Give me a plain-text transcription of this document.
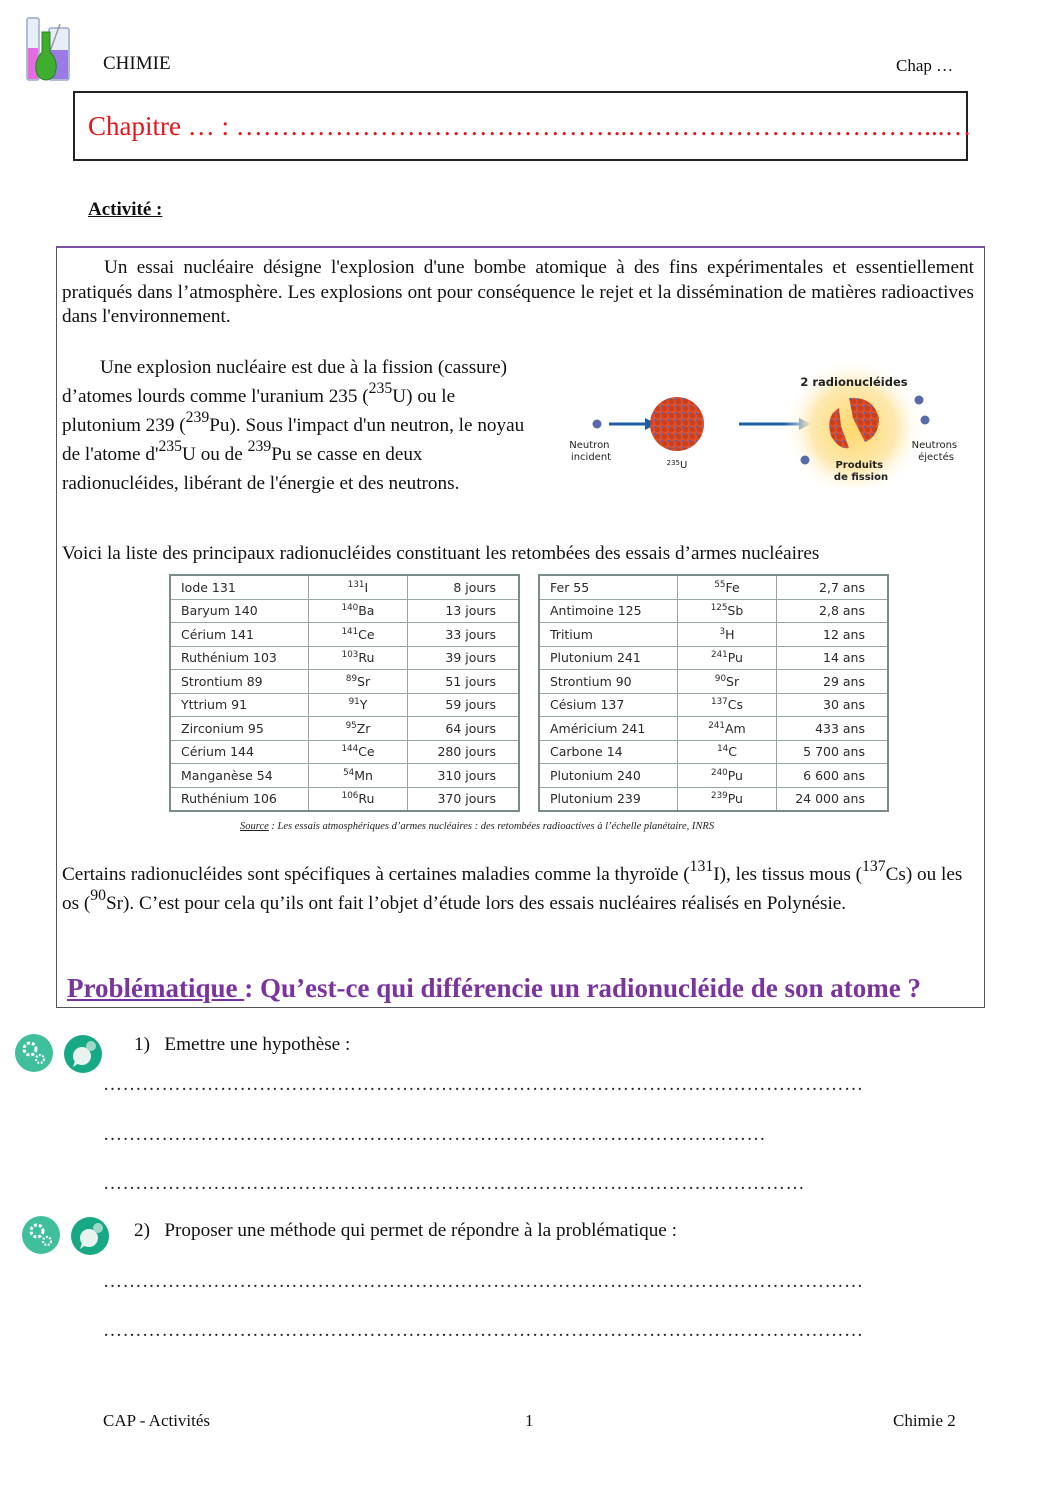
CHIMIE	Chap …
Chapitre … : ……………………………………..……………………………...…
Activité :
Un essai nucléaire désigne l'explosion d'une bombe atomique à des fins expérimentales et essentiellement pratiqués dans l’atmosphère. Les explosions ont pour conséquence le rejet et la dissémination de matières radioactives dans l'environnement.
Une explosion nucléaire est due à la fission (cassure) d’atomes lourds comme l'uranium 235 ($^{235}$U) ou le plutonium 239 ($^{239}$Pu). Sous l'impact d'un neutron, le noyau de l'atome $d'^{235}U$ ou de $^{239}$Pu se casse en deux radionucléides, libérant de l'énergie et des neutrons.
$^{235}$U
2 radionucléides
Neutron incident
Produits de fission
Neutrons éjectés
Voici la liste des principaux radionucléides constituant les retombées des essais d’armes nucléaires
Iode 131	$^{131}$I	8 jours
Baryum 140	$^{140}$Ba	13 jours
Cérium 141	$^{141}$Ce	33 jours
Ruthénium 103	$^{103}$Ru	39 jours
Strontium 89	$^{89}$Sr	51 jours
Yttrium 91	$^{91}$Y	59 jours
Zirconium 95	$^{95}$Zr	64 jours
Cérium 144	$^{144}$Ce	280 jours
Manganèse 54	$^{54}$Mn	310 jours
Ruthénium 106	$^{106}$Ru	370 jours
Fer 55	$^{55}$Fe	2,7 ans
Antimoine 125	$^{125}$Sb	2,8 ans
Tritium	$^3$H	12 ans
Plutonium 241	$^{241}$Pu	14 ans
Strontium 90	$^{90}$Sr	29 ans
Césium 137	$^{137}$Cs	30 ans
Américium 241	$^{241}$Am	433 ans
Carbone 14	$^{14}$C	5 700 ans
Plutonium 240	$^{240}$Pu	6 600 ans
Plutonium 239	$^{239}$Pu	24 000 ans
Source : Les essais atmosphériques d’armes nucléaires : des retombées radioactives à l’échelle planétaire, INRS
Certains radionucléides sont spécifiques à certaines maladies comme la thyroïde ($^{131}$I), les tissus mous ($^{137}$Cs) ou les os ($^{90}$Sr). C’est pour cela qu’ils ont fait l’objet d’étude lors des essais nucléaires réalisés en Polynésie.
Problématique : Qu’est-ce qui différencie un radionucléide de son atome ?
1) Emettre une hypothèse :
………………………………………………………………………………………………………
…………………………………………………………………………………………
………………………………………………………………………………………………
2) Proposer une méthode qui permet de répondre à la problématique :
………………………………………………………………………………………………………
………………………………………………………………………………………………………
CAP - Activités	1	Chimie 2
